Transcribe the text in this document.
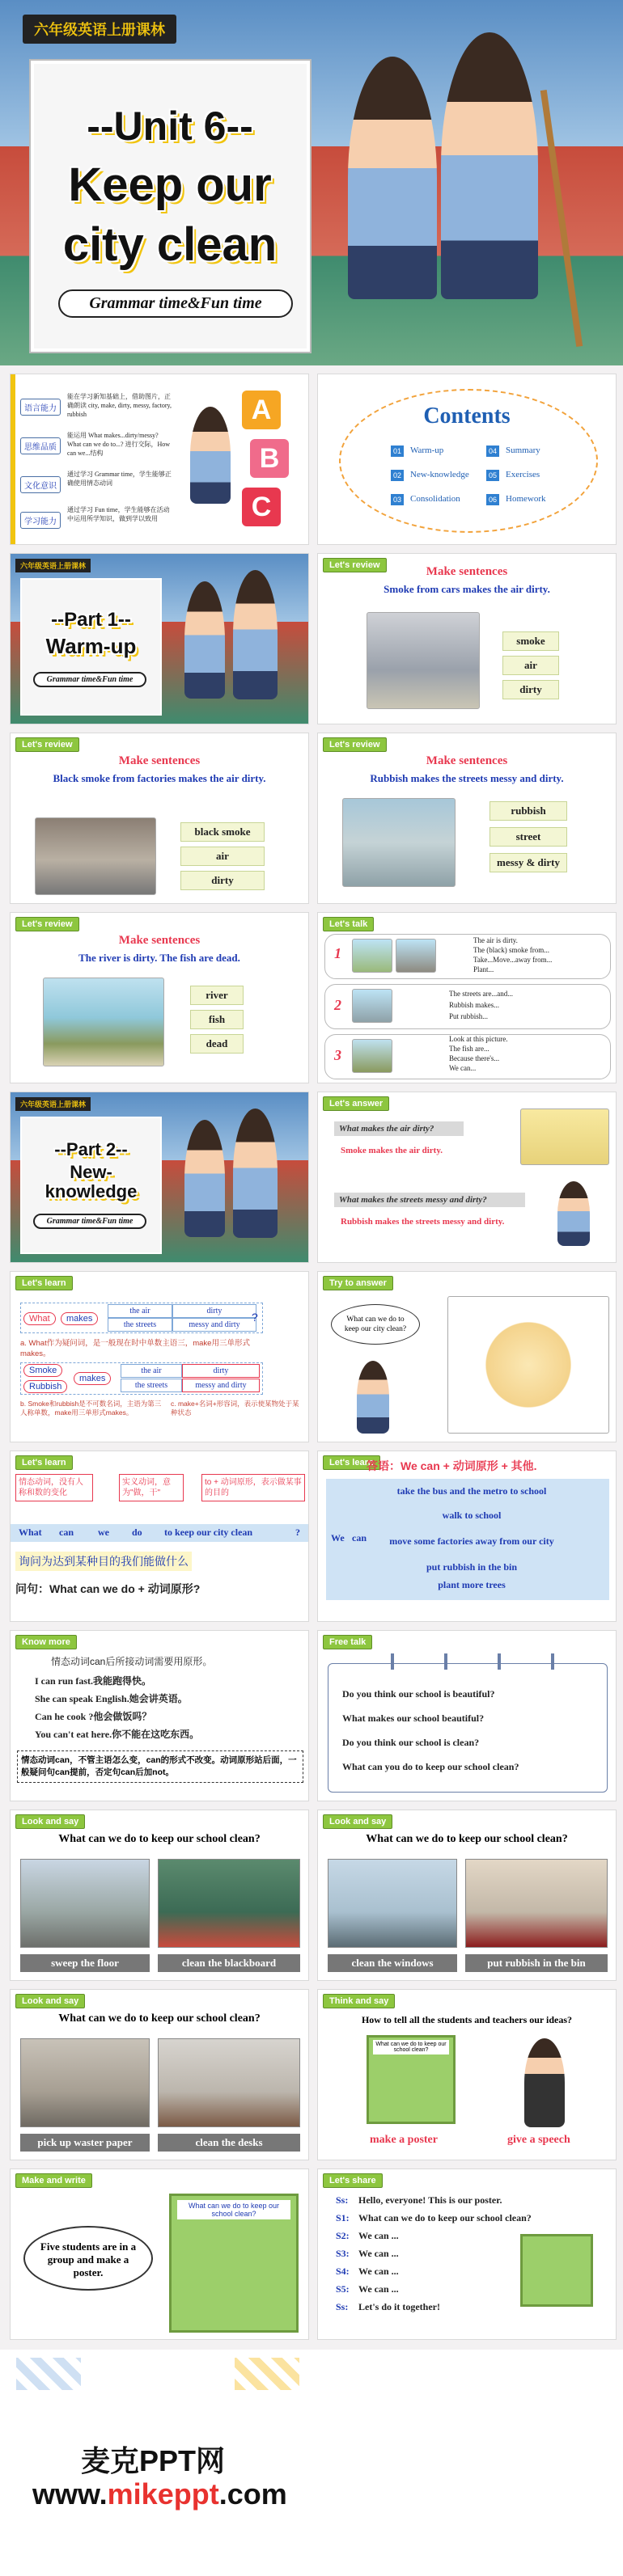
六年级英语上册课林
--Unit 6--
Keep our
city clean
Grammar time&Fun time
语言能力
能在学习新知基础上，借助图片，正确朗读 city, make, dirty, messy, factory, rubbish
思维品质
能运用 What makes...dirty/messy? What can we do to...? 进行交际，How can we...结构
文化意识
通过学习 Grammar time，学生能够正确使用情态动词
学习能力
通过学习 Fun time，学生能够在活动中运用所学知识，做到学以致用
A
B
C
Contents
01 Warm-up	04 Summary
02 New-knowledge	05 Exercises
03 Consolidation	06 Homework
六年级英语上册课林
--Part 1--
Warm-up
Grammar time&Fun time
Let's review	Make sentences
Smoke from cars makes the air dirty.
smoke
air
dirty
Let's review
Make sentences
Black smoke from factories makes the air dirty.
black smoke
air
dirty
Let's review
Make sentences
Rubbish makes the streets messy and dirty.
rubbish
street
messy & dirty
Let's review
Make sentences
The river is dirty. The fish are dead.
river
fish
dead
Let's talk
1
The air is dirty.
The (black) smoke from...
Take...Move...away from...
Plant...
2
The streets are...and...
Rubbish makes...
Put rubbish...
3
Look at this picture.
The fish are...
Because there's...
We can...
六年级英语上册课林
--Part 2--
New-
knowledge
Grammar time&Fun time
Let's answer
What makes the air dirty?
Smoke makes the air dirty.
What makes the streets messy and dirty?
Rubbish makes the streets messy and dirty.
Let's learn
What	makes
the air	dirty
the streets	messy and dirty
?
a. What作为疑问词，是一般现在时中单数主语三，make用三单形式makes。
Smoke
Rubbish
makes
the air
the streets
dirty
messy and dirty
b. Smoke和rubbish是不可数名词，主语为第三人称单数，make用三单形式makes。
c. make+名词+形容词，表示使某物处于某种状态
Try to answer
What can we do to keep our city clean?
Let's learn
情态动词，没有人称和数的变化
实义动词，意为"做，干"
to + 动词原形，表示做某事的目的
What can	we do to keep our city clean	?
询问为达到某种目的我们能做什么
问句：What can we do + 动词原形?
Let's learn
答语：We can + 动词原形 + 其他.
We can
take the bus and the metro to school
walk to school
move some factories away from our city
put rubbish in the bin
plant more trees
Know more
情态动词can后所接动词需要用原形。
I can run fast.我能跑得快。
She can speak English.她会讲英语。
Can he cook ?他会做饭吗？
You can't eat here.你不能在这吃东西。
情态动词can，不管主语怎么变，can的形式不改变。动词原形站后面，一般疑问句can提前，否定句can后加not。
Free talk
Do you think our school is beautiful?
What makes our school beautiful?
Do you think our school is clean?
What can you do to keep our school clean?
Look and say
What can we do to keep our school clean?
sweep the floor	clean the blackboard
Look and say
What can we do to keep our school clean?
clean the windows	put rubbish in the bin
Look and say
What can we do to keep our school clean?
pick up waster paper	clean the desks
Think and say
How to tell all the students and teachers our ideas?
What can we do to keep our school clean?
make a poster	give a speech
Make and write
Five students are in a group and make a poster.
What can we do to keep our school clean?
Let's share
Ss: Hello, everyone! This is our poster.
S1: What can we do to keep our school clean?
S2: We can ...
S3: We can ...
S4: We can ...
S5: We can ...
Ss: Let's do it together!
麦克PPT网
www.mikeppt.com
